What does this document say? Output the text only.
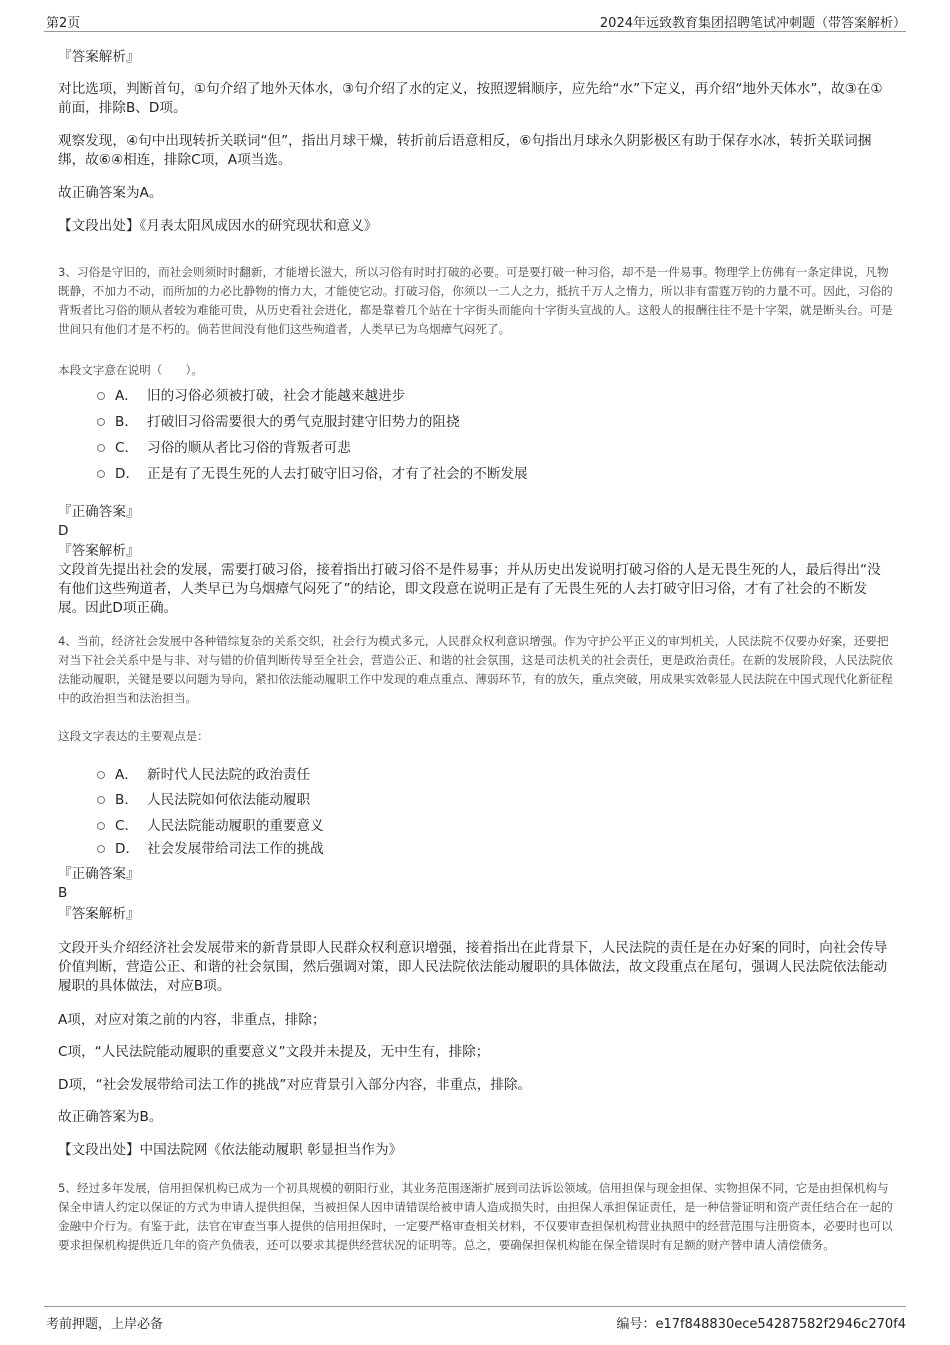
第2页	2024年远致教育集团招聘笔试冲刺题（带答案解析）
『答案解析』
对比选项，判断首句，①句介绍了地外天体水，③句介绍了水的定义，按照逻辑顺序，应先给“水”下定义，再介绍“地外天体水”，故③在①前面，排除B、D项。
观察发现，④句中出现转折关联词“但”，指出月球干燥，转折前后语意相反，⑥句指出月球永久阴影极区有助于保存水冰，转折关联词捆绑，故⑥④相连，排除C项，A项当选。
故正确答案为A。
【文段出处】《月表太阳风成因水的研究现状和意义》
3、习俗是守旧的，而社会则须时时翻新，才能增长滋大，所以习俗有时时打破的必要。可是要打破一种习俗，却不是一件易事。物理学上仿佛有一条定律说，凡物既静，不加力不动，而所加的力必比静物的惰力大，才能使它动。打破习俗，你须以一二人之力，抵抗千万人之惰力，所以非有雷霆万钧的力量不可。因此，习俗的背叛者比习俗的顺从者较为难能可贵，从历史看社会进化，都是靠着几个站在十字街头而能向十字街头宣战的人。这般人的报酬往往不是十字架，就是断头台。可是世间只有他们才是不朽的。倘若世间没有他们这些殉道者，人类早已为乌烟瘴气闷死了。
本段文字意在说明（　　）。
A． 旧的习俗必须被打破，社会才能越来越进步
B． 打破旧习俗需要很大的勇气克服封建守旧势力的阻挠
C． 习俗的顺从者比习俗的背叛者可悲
D． 正是有了无畏生死的人去打破守旧习俗，才有了社会的不断发展
『正确答案』
D
『答案解析』
文段首先提出社会的发展，需要打破习俗，接着指出打破习俗不是件易事；并从历史出发说明打破习俗的人是无畏生死的人，最后得出“没有他们这些殉道者，人类早已为乌烟瘴气闷死了”的结论，即文段意在说明正是有了无畏生死的人去打破守旧习俗，才有了社会的不断发展。因此D项正确。
4、当前，经济社会发展中各种错综复杂的关系交织，社会行为模式多元，人民群众权利意识增强。作为守护公平正义的审判机关，人民法院不仅要办好案，还要把对当下社会关系中是与非、对与错的价值判断传导至全社会，营造公正、和谐的社会氛围，这是司法机关的社会责任，更是政治责任。在新的发展阶段，人民法院依法能动履职，关键是要以问题为导向，紧扣依法能动履职工作中发现的难点重点、薄弱环节，有的放矢，重点突破，用成果实效彰显人民法院在中国式现代化新征程中的政治担当和法治担当。
这段文字表达的主要观点是：
A． 新时代人民法院的政治责任
B． 人民法院如何依法能动履职
C． 人民法院能动履职的重要意义
D． 社会发展带给司法工作的挑战
『正确答案』
B
『答案解析』
文段开头介绍经济社会发展带来的新背景即人民群众权利意识增强，接着指出在此背景下，人民法院的责任是在办好案的同时，向社会传导价值判断，营造公正、和谐的社会氛围，然后强调对策，即人民法院依法能动履职的具体做法，故文段重点在尾句，强调人民法院依法能动履职的具体做法，对应B项。
A项，对应对策之前的内容，非重点，排除；
C项，“人民法院能动履职的重要意义”文段并未提及，无中生有，排除；
D项，“社会发展带给司法工作的挑战”对应背景引入部分内容，非重点，排除。
故正确答案为B。
【文段出处】中国法院网《依法能动履职 彰显担当作为》
5、经过多年发展，信用担保机构已成为一个初具规模的朝阳行业，其业务范围逐渐扩展到司法诉讼领域。信用担保与现金担保、实物担保不同，它是由担保机构与保全申请人约定以保证的方式为申请人提供担保，当被担保人因申请错误给被申请人造成损失时，由担保人承担保证责任，是一种信誉证明和资产责任结合在一起的金融中介行为。有鉴于此，法官在审查当事人提供的信用担保时，一定要严格审查相关材料，不仅要审查担保机构营业执照中的经营范围与注册资本，必要时也可以要求担保机构提供近几年的资产负债表，还可以要求其提供经营状况的证明等。总之，要确保担保机构能在保全错误时有足额的财产替申请人清偿债务。
考前押题，上岸必备	编号：e17f848830ece54287582f2946c270f4
